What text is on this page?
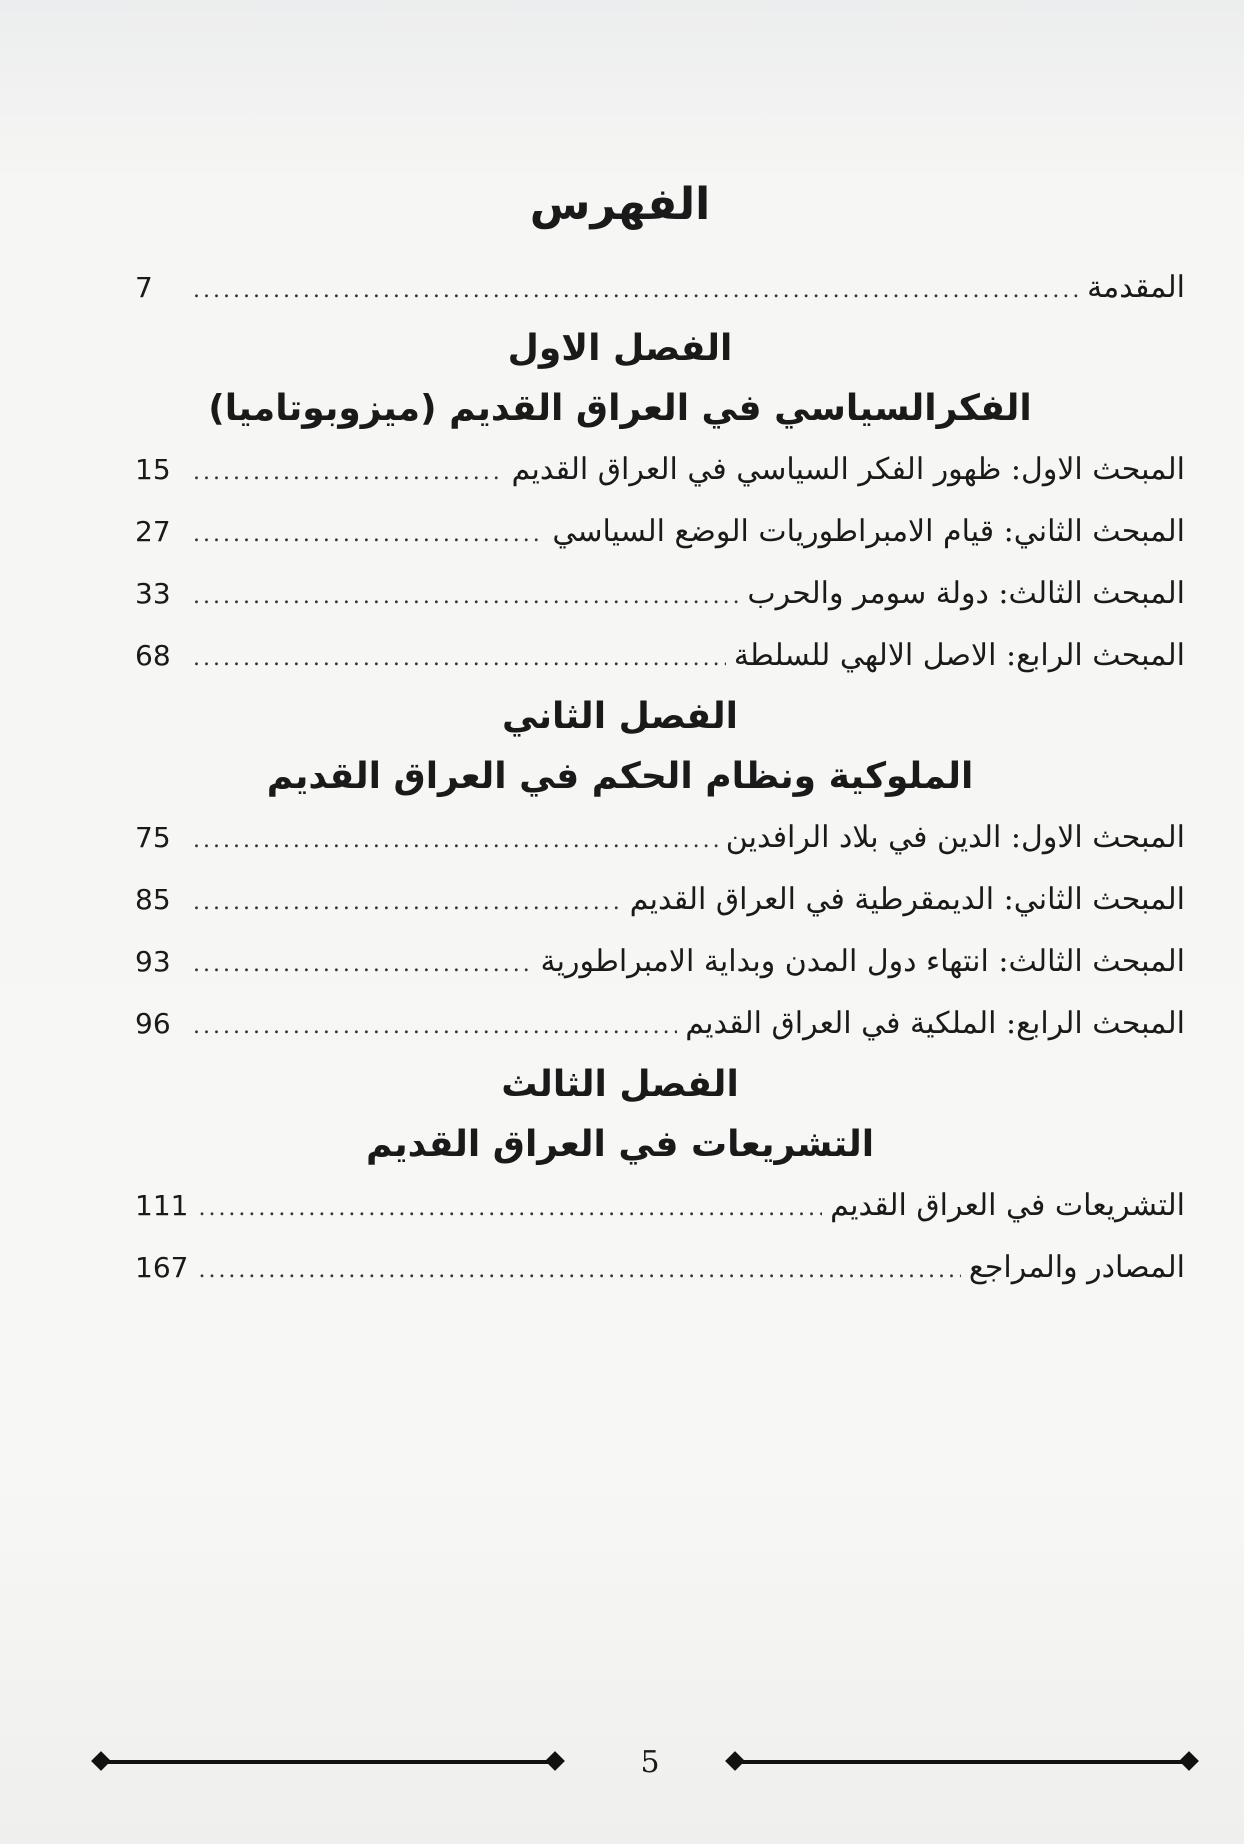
الفهرس
المقدمة
.....
7
الفصل الاول
الفكرالسياسي في العراق القديم (ميزوبوتاميا)
المبحث الاول: ظهور الفكر السياسي في العراق القديم
.....
15
المبحث الثاني: قيام الامبراطوريات الوضع السياسي
.....
27
المبحث الثالث: دولة سومر والحرب
.....
33
المبحث الرابع: الاصل الالهي للسلطة
.....
68
الفصل الثاني
الملوكية ونظام الحكم في العراق القديم
المبحث الاول: الدين في بلاد الرافدين
.....
75
المبحث الثاني: الديمقرطية في العراق القديم
.....
85
المبحث الثالث: انتهاء دول المدن وبداية الامبراطورية
.....
93
المبحث الرابع: الملكية في العراق القديم
.....
96
الفصل الثالث
التشريعات في العراق القديم
التشريعات في العراق القديم
.....
111
المصادر والمراجع
.....
167
5
